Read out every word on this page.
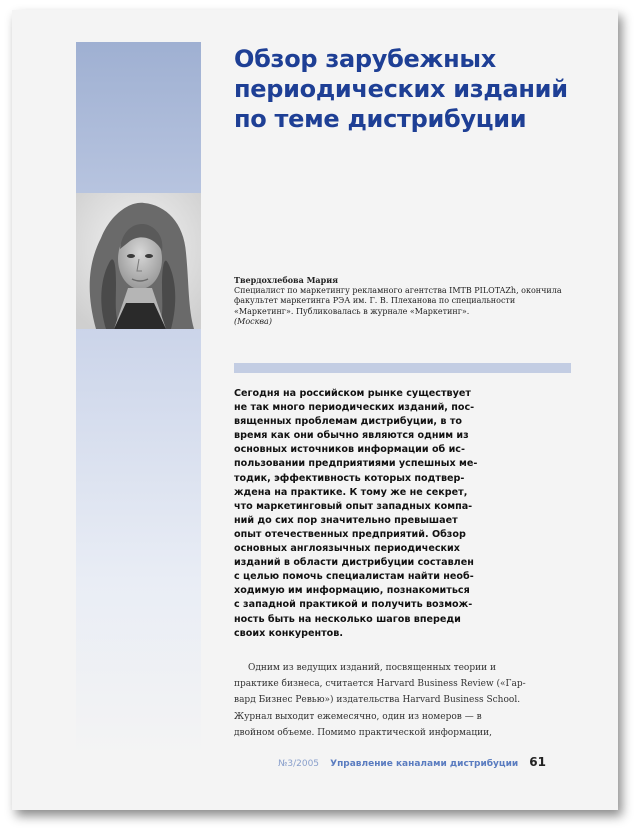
Обзор зарубежных
периодических изданий
по теме дистрибуции
Твердохлебова Мария
Специалист по маркетингу рекламного агентства IMTB PILOTAZh, окончила факультет маркетинга РЭА им. Г. В. Плеханова по специальности «Маркетинг». Публиковалась в журнале «Маркетинг».
(Москва)
Сегодня на российском рынке существует
не так много периодических изданий, пос-
вященных проблемам дистрибуции, в то
время как они обычно являются одним из
основных источников информации об ис-
пользовании предприятиями успешных ме-
тодик, эффективность которых подтвер-
ждена на практике. К тому же не секрет,
что маркетинговый опыт западных компа-
ний до сих пор значительно превышает
опыт отечественных предприятий. Обзор
основных англоязычных периодических
изданий в области дистрибуции составлен
с целью помочь специалистам найти необ-
ходимую им информацию, познакомиться
с западной практикой и получить возмож-
ность быть на несколько шагов впереди
своих конкурентов.
Одним из ведущих изданий, посвященных теории и
практике бизнеса, считается Harvard Business Review («Гар-
вард Бизнес Ревью») издательства Harvard Business School.
Журнал выходит ежемесячно, один из номеров — в
двойном объеме. Помимо практической информации,
№3/2005 Управление каналами дистрибуции 61
